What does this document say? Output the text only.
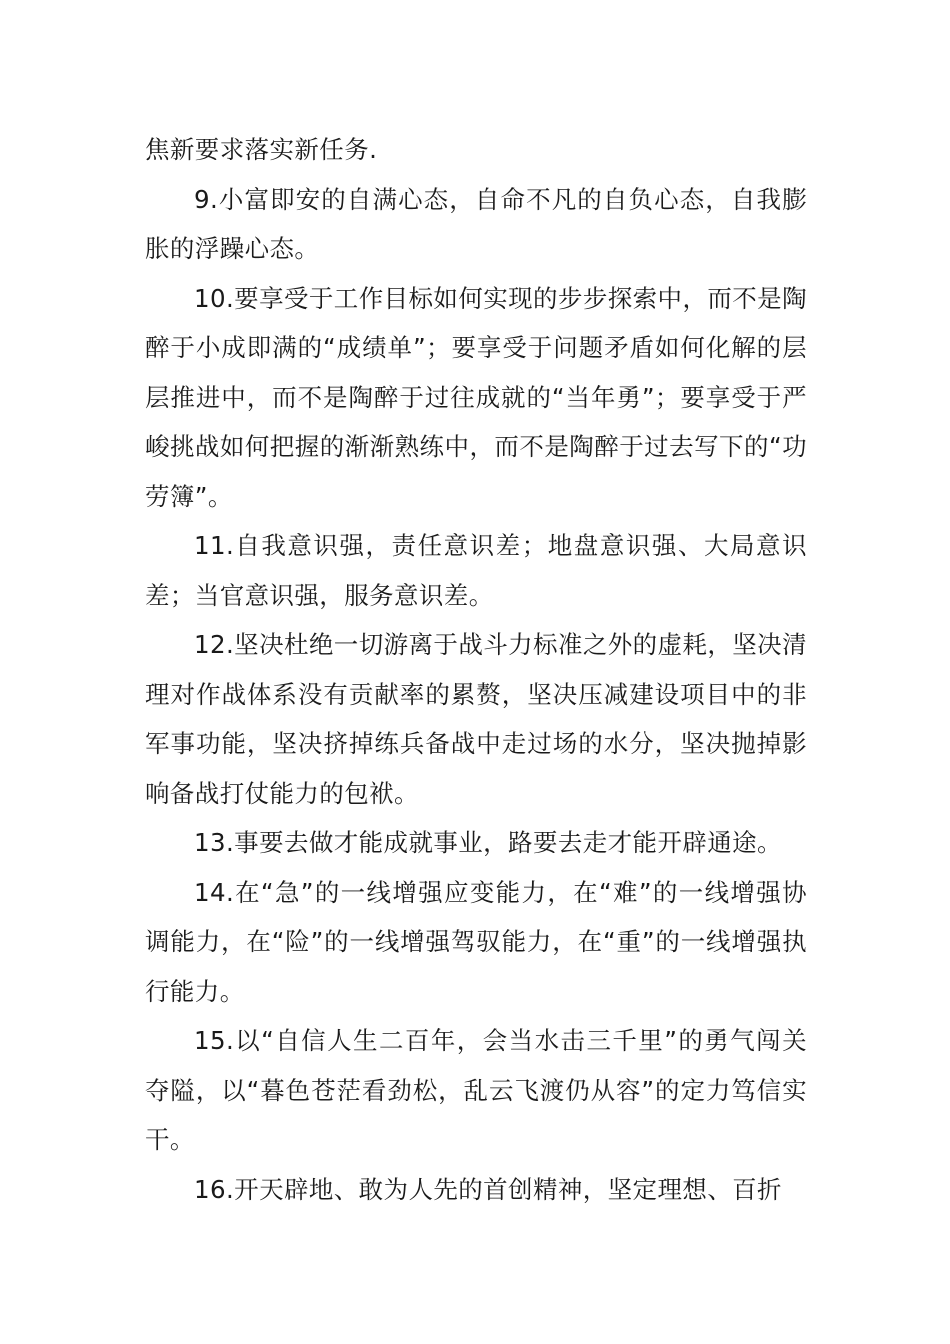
焦新要求落实新任务.

9.小富即安的自满心态，自命不凡的自负心态，自我膨胀的浮躁心态。

10.要享受于工作目标如何实现的步步探索中，而不是陶醉于小成即满的“成绩单”；要享受于问题矛盾如何化解的层层推进中，而不是陶醉于过往成就的“当年勇”；要享受于严峻挑战如何把握的渐渐熟练中，而不是陶醉于过去写下的“功劳簿”。

11.自我意识强，责任意识差；地盘意识强、大局意识差；当官意识强，服务意识差。

12.坚决杜绝一切游离于战斗力标准之外的虚耗，坚决清理对作战体系没有贡献率的累赘，坚决压减建设项目中的非军事功能，坚决挤掉练兵备战中走过场的水分，坚决抛掉影响备战打仗能力的包袱。

13.事要去做才能成就事业，路要去走才能开辟通途。

14.在“急”的一线增强应变能力，在“难”的一线增强协调能力，在“险”的一线增强驾驭能力，在“重”的一线增强执行能力。

15.以“自信人生二百年，会当水击三千里”的勇气闯关夺隘，以“暮色苍茫看劲松，乱云飞渡仍从容”的定力笃信实干。

16.开天辟地、敢为人先的首创精神，坚定理想、百折
